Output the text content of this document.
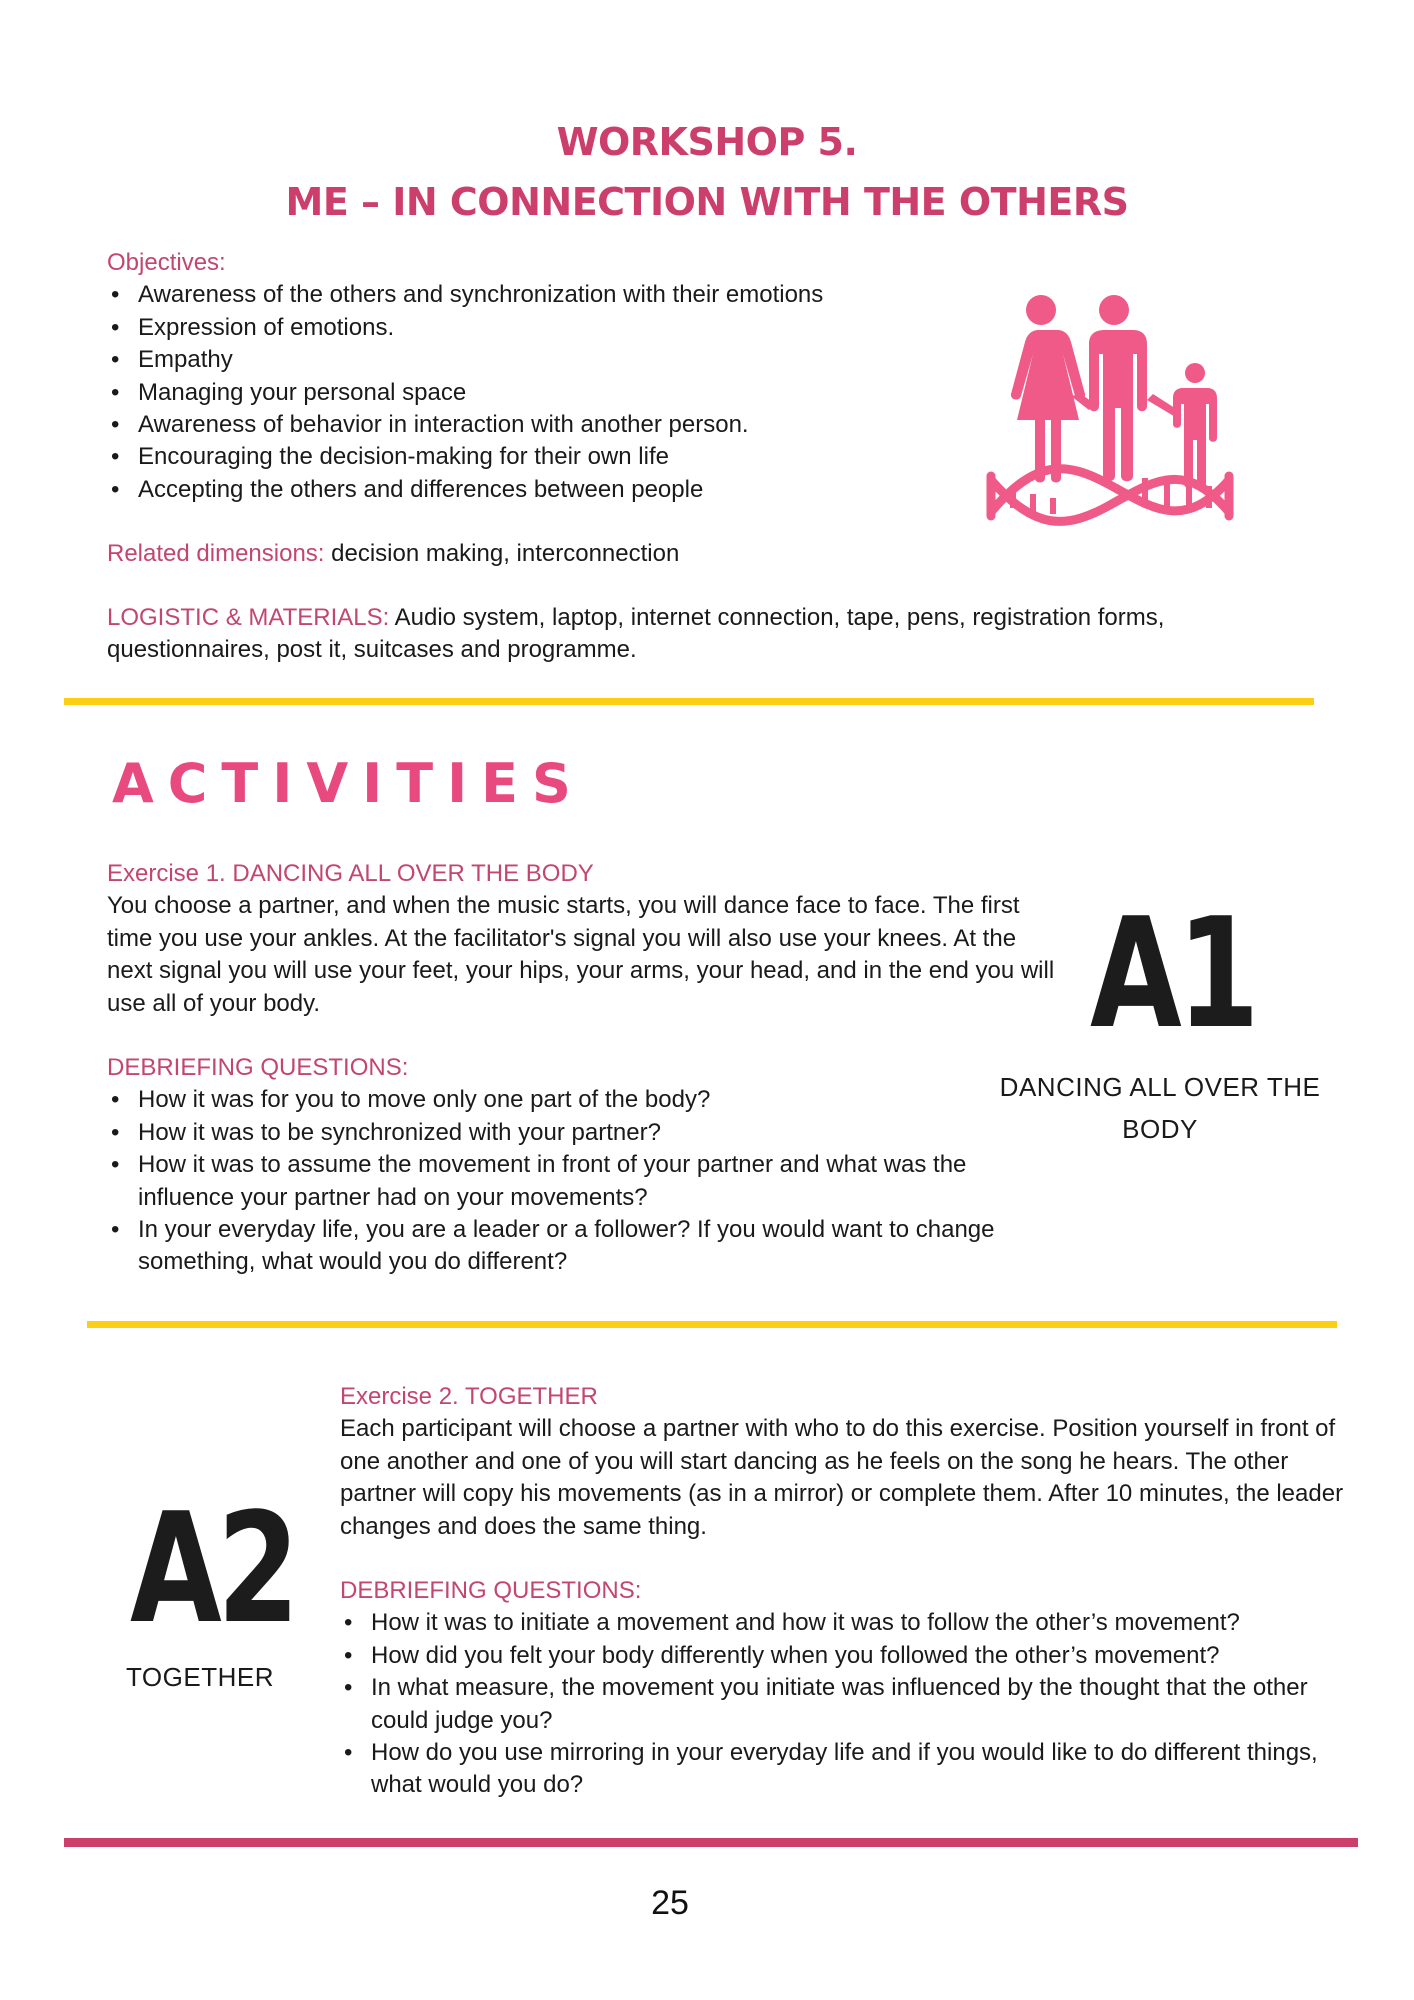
WORKSHOP 5.
ME – IN CONNECTION WITH THE OTHERS
Objectives:
• Awareness of the others and synchronization with their emotions
• Expression of emotions.
• Empathy
• Managing your personal space
• Awareness of behavior in interaction with another person.
• Encouraging the decision-making for their own life
• Accepting the others and differences between people
Related dimensions: decision making, interconnection
LOGISTIC & MATERIALS: Audio system, laptop, internet connection, tape, pens, registration forms, questionnaires, post it, suitcases and programme.
ACTIVITIES
Exercise 1. DANCING ALL OVER THE BODY
You choose a partner, and when the music starts, you will dance face to face. The first time you use your ankles. At the facilitator's signal you will also use your knees. At the next signal you will use your feet, your hips, your arms, your head, and in the end you will use all of your body.
DEBRIEFING QUESTIONS:
• How it was for you to move only one part of the body?
• How it was to be synchronized with your partner?
• How it was to assume the movement in front of your partner and what was the influence your partner had on your movements?
• In your everyday life, you are a leader or a follower? If you would want to change something, what would you do different?
A1
DANCING ALL OVER THE BODY
A2
TOGETHER
Exercise 2. TOGETHER
Each participant will choose a partner with who to do this exercise. Position yourself in front of one another and one of you will start dancing as he feels on the song he hears. The other partner will copy his movements (as in a mirror) or complete them. After 10 minutes, the leader changes and does the same thing.
DEBRIEFING QUESTIONS:
• How it was to initiate a movement and how it was to follow the other’s movement?
• How did you felt your body differently when you followed the other’s movement?
• In what measure, the movement you initiate was influenced by the thought that the other could judge you?
• How do you use mirroring in your everyday life and if you would like to do different things, what would you do?
25
